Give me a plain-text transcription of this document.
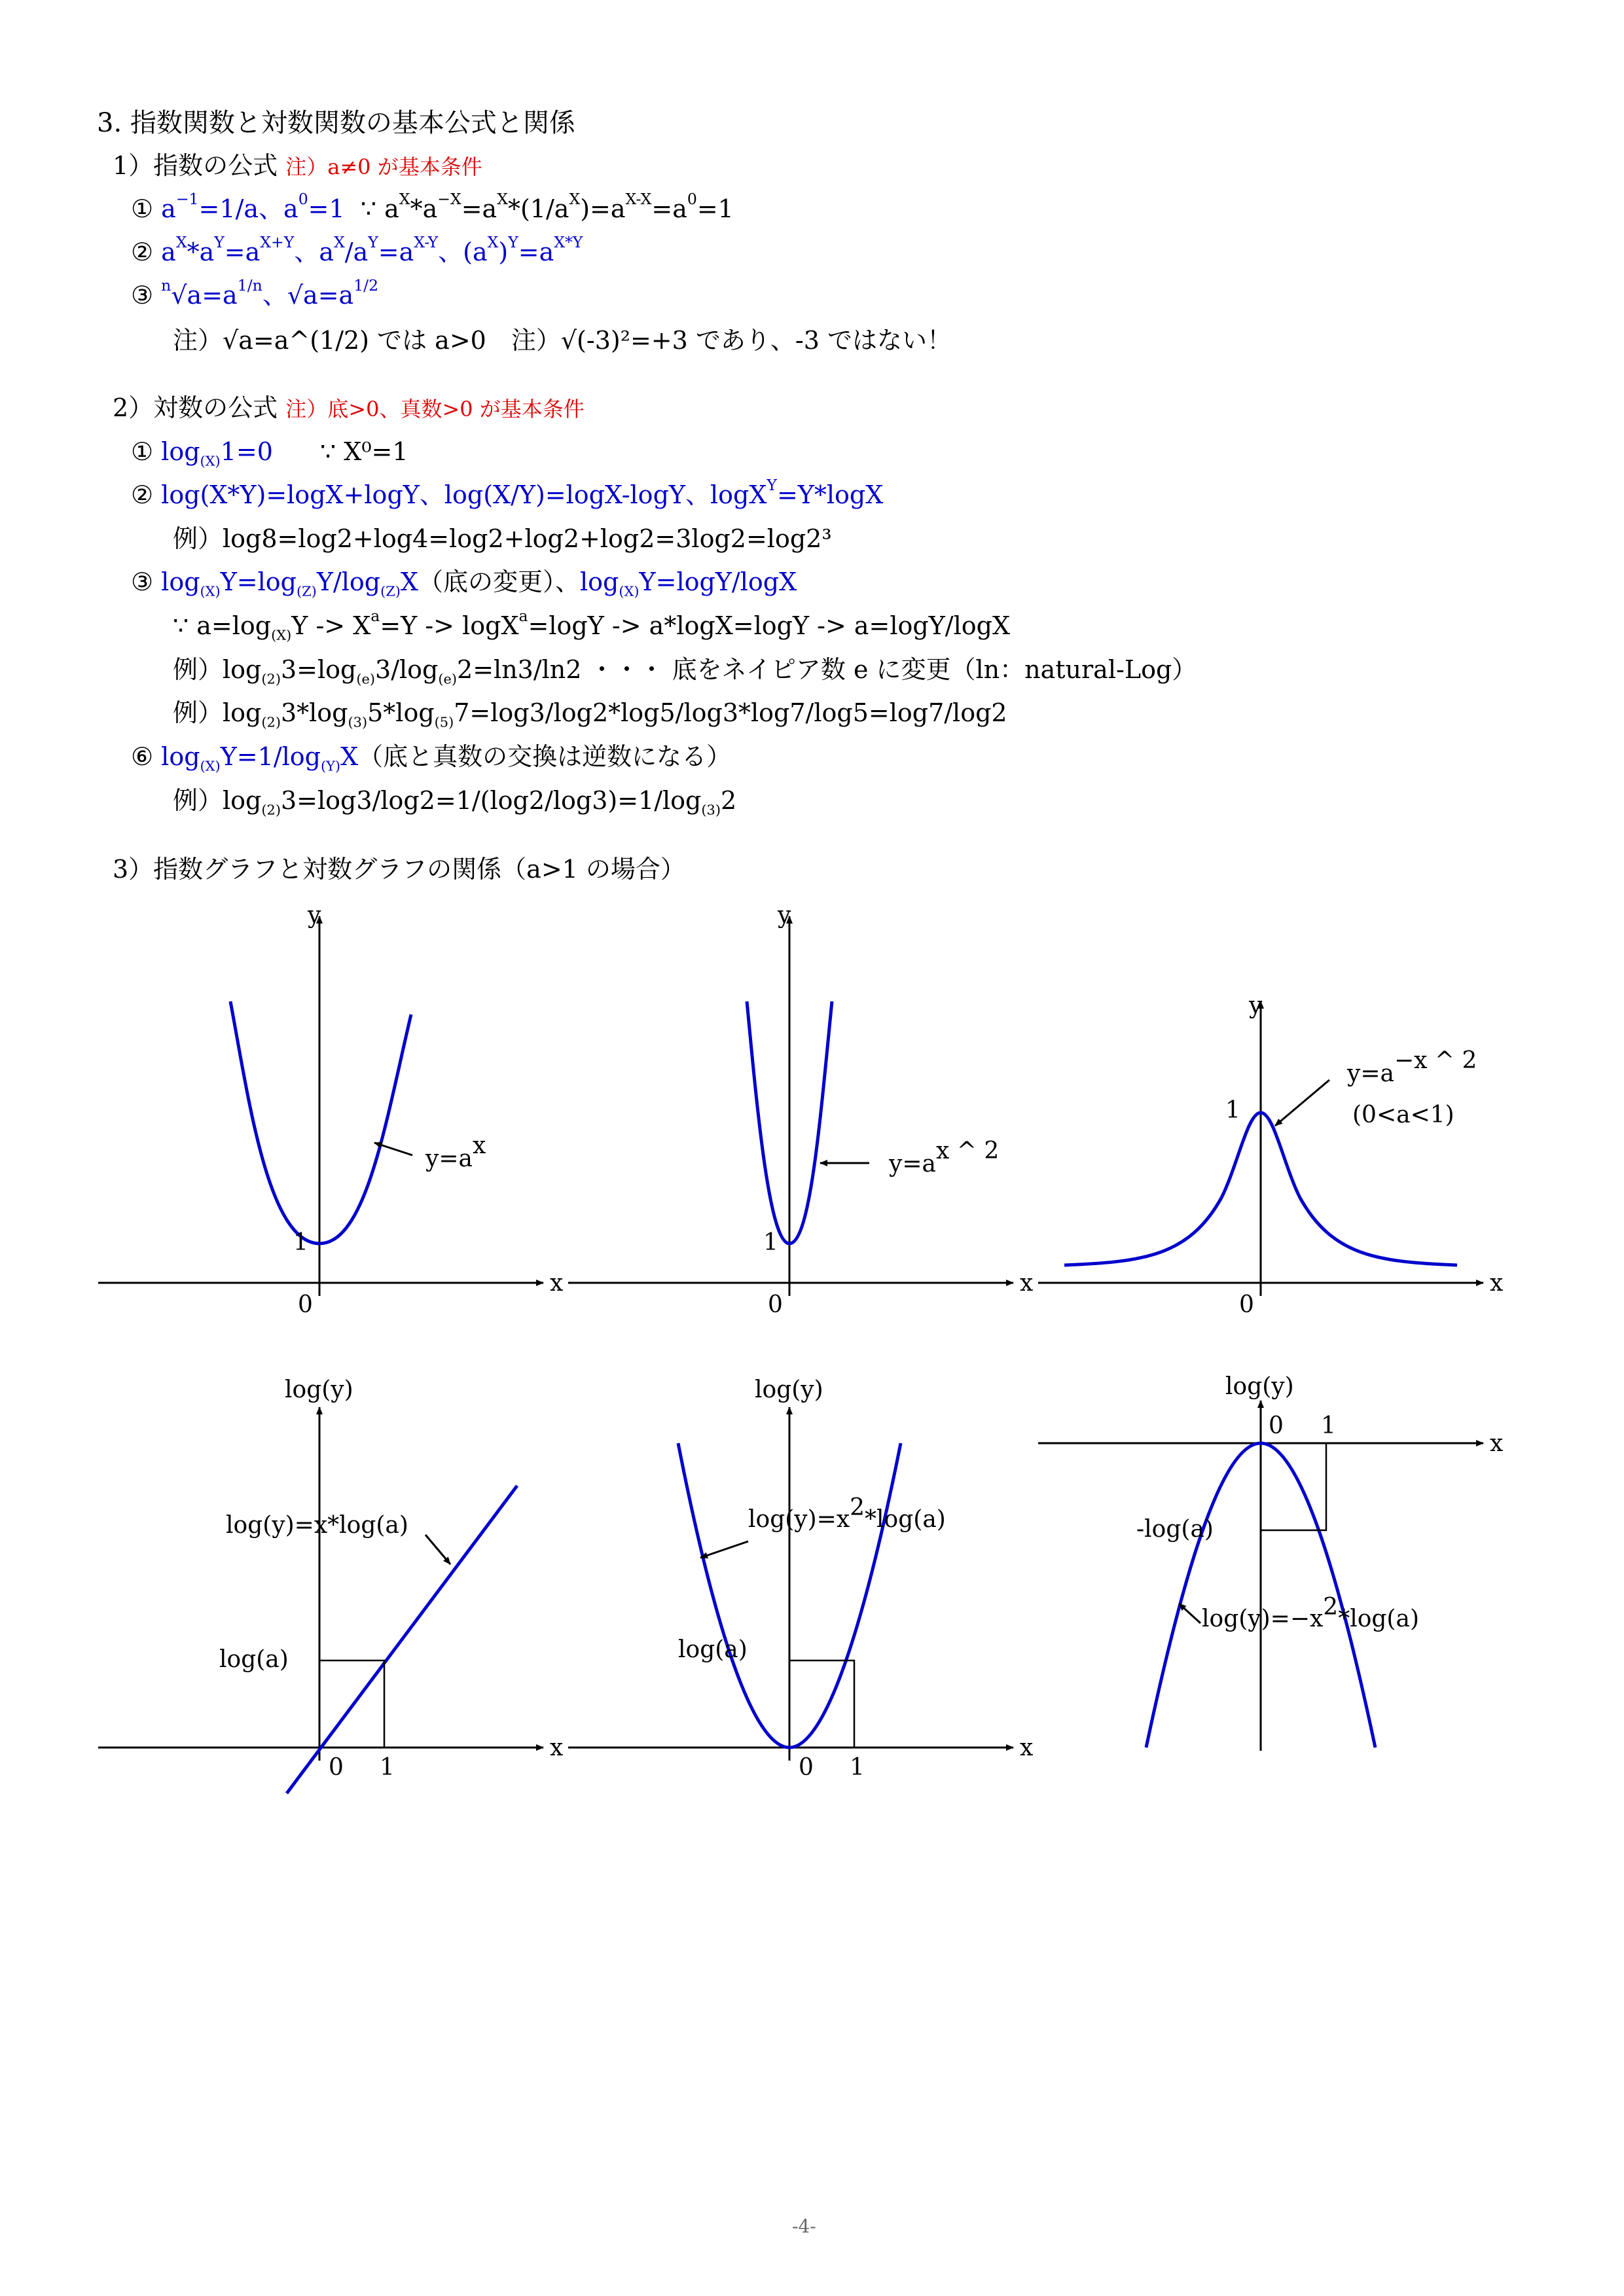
3. 指数関数と対数関数の基本公式と関係
1）指数の公式 注）a≠0 が基本条件
① $a^{-1}=1/a$、$a^0=1$  ∵ $a^X*a^{-X}=a^X*(1/a^X)=a^{X-X}=a^0=1$
② $a^X*a^Y=a^{X+Y}$、$a^X/a^Y=a^{X-Y}$、$(a^X)^Y=a^{X*Y}$
③ $^n√a=a^{1/n}$、$√a=a^{1/2}$
注）√a=a^(1/2) では a>0　注）√(-3)²=+3 であり、-3 ではない！
2）対数の公式 注）底>0、真数>0 が基本条件
① $\log_{(X)}1=0$ ∵ X⁰=1
② log(X*Y)=logX+logY、log(X/Y)=logX-logY、logX$^Y$=Y*logX
例）log8=log2+log4=log2+log2+log2=3log2=log2³
③ $\log_{(X)}Y=\log_{(Z)}Y/\log_{(Z)}X$（底の変更）、$\log_{(X)}Y=\log Y$/logX
∵ $a=\log_{(X)}Y -> X^a=Y -> \log X^a=\log Y -> a*\log X=\log Y -> a=\log Y/\log X$
例）$\log_{(2)}3=\log_{(e)}3/\log_{(e)}2=\ln 3/\ln 2$ ・・・ 底をネイピア数 e に変更（ln：natural-Log）
例）$\log_{(2)}3*\log_{(3)}5*\log_{(5)}7=\log 3/\log 2*\log 5/\log 3*\log 7/\log 5=\log 7/\log 2$
⑥ $\log_{(X)}Y=1/\log_{(Y)}X$（底と真数の交換は逆数になる）
例）$\log_{(2)}3=\log 3/\log 2=1/(\log 2/\log 3)=1/\log_{(3)}2$
3）指数グラフと対数グラフの関係（a>1 の場合）
y
x
0
1
y=ax
y
x
0
1
y=ax ^ 2
y
x
0
1
y=a−x ^ 2
(0<a<1)
log(y)
x
0 1
log(a)
log(y)=x*log(a)
log(y)
x
0 1
log(a)
log(y)=x2*log(a)
log(y)
x
0 1
-log(a)
log(y)=−x2*log(a)
-4-
